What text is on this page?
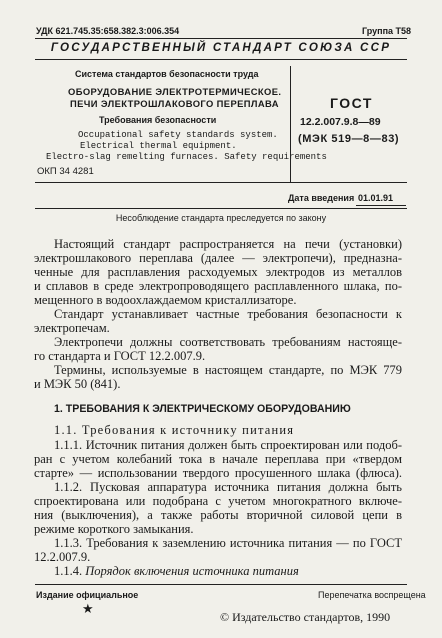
УДК 621.745.35:658.382.3:006.354	Группа Т58
ГОСУДАРСТВЕННЫЙ СТАНДАРТ СОЮЗА ССР
Система стандартов безопасности труда
ОБОРУДОВАНИЕ ЭЛЕКТРОТЕРМИЧЕСКОЕ.
ПЕЧИ ЭЛЕКТРОШЛАКОВОГО ПЕРЕПЛАВА
Требования безопасности
Occupational safety standards system.
Electrical thermal equipment.
Electro-slag remelting furnaces. Safety requirements
ОКП 34 4281
ГОСТ
12.2.007.9.8—89
(МЭК 519—8—83)
Дата введения 01.01.91
Несоблюдение стандарта преследуется по закону
Настоящий стандарт распространяется на печи (установки)
электрошлакового переплава (далее — электропечи), предназна-
ченные для расплавления расходуемых электродов из металлов
и сплавов в среде электропроводящего расплавленного шлака, по-
мещенного в водоохлаждаемом кристаллизаторе.
Стандарт устанавливает частные требования безопасности к
электропечам.
Электропечи должны соответствовать требованиям настояще-
го стандарта и ГОСТ 12.2.007.9.
Термины, используемые в настоящем стандарте, по МЭК 779
и МЭК 50 (841).
1. ТРЕБОВАНИЯ К ЭЛЕКТРИЧЕСКОМУ ОБОРУДОВАНИЮ
1.1. Требования к источнику питания
1.1.1. Источник питания должен быть спроектирован или подоб-
ран с учетом колебаний тока в начале переплава при «твердом
старте» — использовании твердого просушенного шлака (флюса).
1.1.2. Пусковая аппаратура источника питания должна быть
спроектирована или подобрана с учетом многократного включе-
ния (выключения), а также работы вторичной силовой цепи в
режиме короткого замыкания.
1.1.3. Требования к заземлению источника питания — по ГОСТ
12.2.007.9.
1.1.4. Порядок включения источника питания
Издание официальное	Перепечатка воспрещена
★
© Издательство стандартов, 1990
